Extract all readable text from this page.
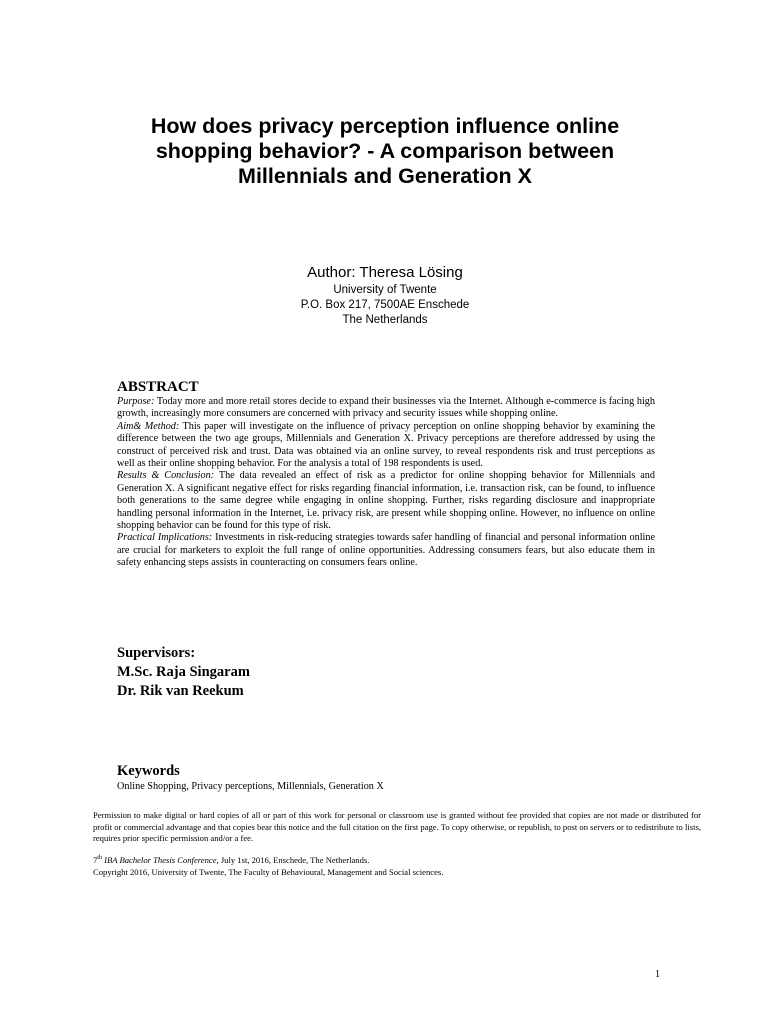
How does privacy perception influence online
shopping behavior? - A comparison between
Millennials and Generation X
Author: Theresa Lösing
University of Twente
P.O. Box 217, 7500AE Enschede
The Netherlands
ABSTRACT

Purpose: Today more and more retail stores decide to expand their businesses via the Internet. Although e-commerce is facing high growth, increasingly more consumers are concerned with privacy and security issues while shopping online.

Aim& Method: This paper will investigate on the influence of privacy perception on online shopping behavior by examining the difference between the two age groups, Millennials and Generation X. Privacy perceptions are therefore addressed by using the construct of perceived risk and trust. Data was obtained via an online survey, to reveal respondents risk and trust perceptions as well as their online shopping behavior. For the analysis a total of 198 respondents is used.

Results & Conclusion: The data revealed an effect of risk as a predictor for online shopping behavior for Millennials and Generation X. A significant negative effect for risks regarding financial information, i.e. transaction risk, can be found, to influence both generations to the same degree while engaging in online shopping. Further, risks regarding disclosure and inappropriate handling personal information in the Internet, i.e. privacy risk, are present while shopping online. However, no influence on online shopping behavior can be found for this type of risk.

Practical Implications: Investments in risk-reducing strategies towards safer handling of financial and personal information online are crucial for marketers to exploit the full range of online opportunities. Addressing consumers fears, but also educate them in safety enhancing steps assists in counteracting on consumers fears online.

Supervisors:
M.Sc. Raja Singaram
Dr. Rik van Reekum
Keywords
Online Shopping, Privacy perceptions, Millennials, Generation X
Permission to make digital or hard copies of all or part of this work for personal or classroom use is granted without fee provided that copies are not made or distributed for profit or commercial advantage and that copies bear this notice and the full citation on the first page. To copy otherwise, or republish, to post on servers or to redistribute to lists, requires prior specific permission and/or a fee.
7th IBA Bachelor Thesis Conference, July 1st, 2016, Enschede, The Netherlands.
Copyright 2016, University of Twente, The Faculty of Behavioural, Management and Social sciences.
1
